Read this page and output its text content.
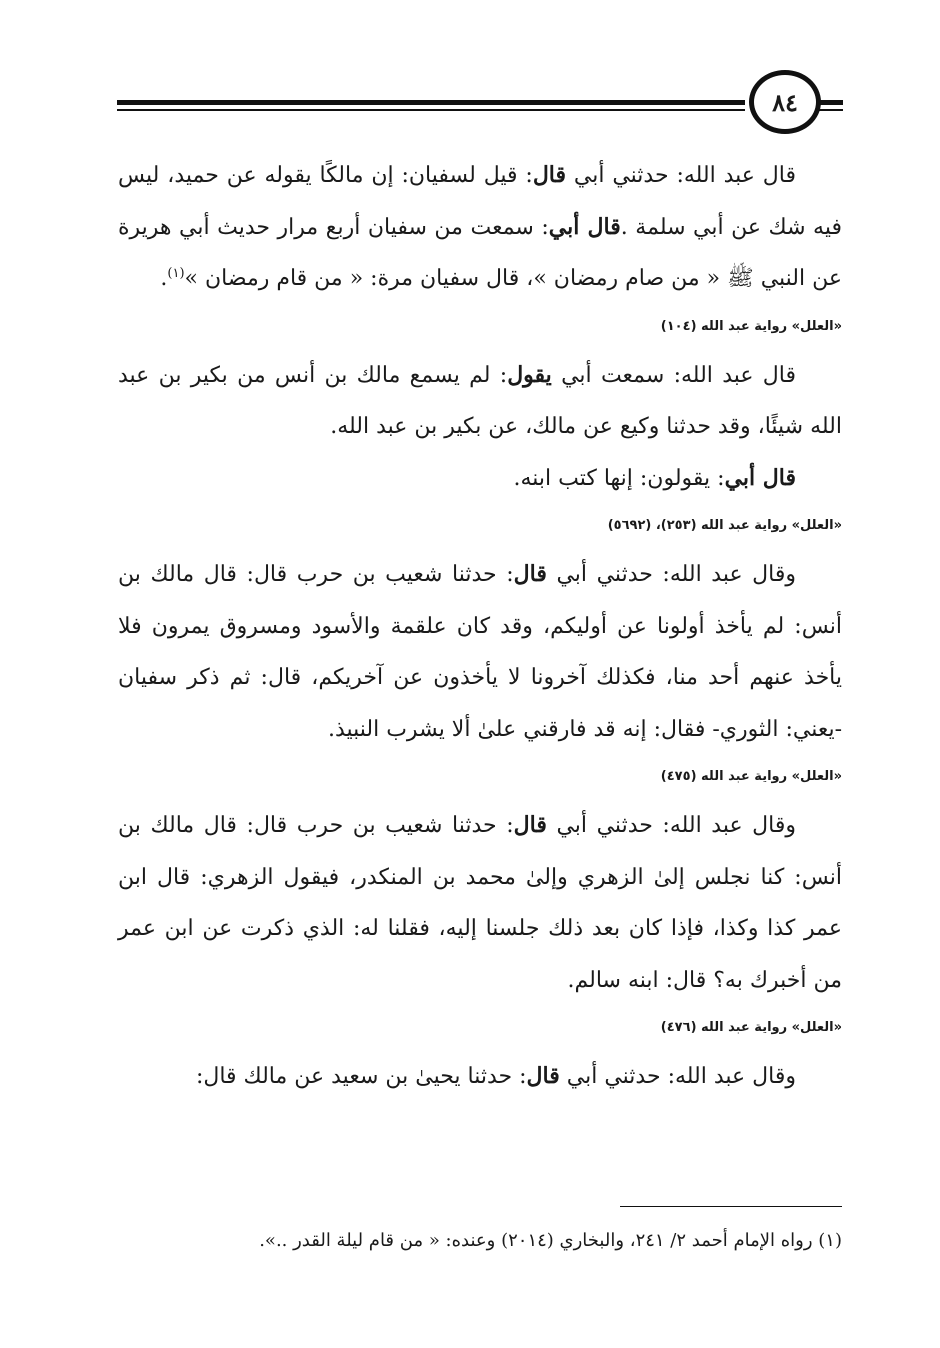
٨٤

قال عبد الله: حدثني أبي قال: قيل لسفيان: إن مالكًا يقوله عن حميد، ليس فيه شك عن أبي سلمة .قال أبي: سمعت من سفيان أربع مرار حديث أبي هريرة عن النبي ﷺ « من صام رمضان »، قال سفيان مرة: « من قام رمضان »$^{(١)}$.

«العلل» رواية عبد الله (١٠٤)

قال عبد الله: سمعت أبي يقول: لم يسمع مالك بن أنس من بكير بن عبد الله شيئًا، وقد حدثنا وكيع عن مالك، عن بكير بن عبد الله.

قال أبي: يقولون: إنها كتب ابنه.

«العلل» رواية عبد الله (٢٥٣)، (٥٦٩٢)

وقال عبد الله: حدثني أبي قال: حدثنا شعيب بن حرب قال: قال مالك بن أنس: لم يأخذ أولونا عن أوليكم، وقد كان علقمة والأسود ومسروق يمرون فلا يأخذ عنهم أحد منا، فكذلك آخرونا لا يأخذون عن آخريكم، قال: ثم ذكر سفيان -يعني: الثوري- فقال: إنه قد فارقني علىٰ ألا يشرب النبيذ.

«العلل» رواية عبد الله (٤٧٥)

وقال عبد الله: حدثني أبي قال: حدثنا شعيب بن حرب قال: قال مالك بن أنس: كنا نجلس إلىٰ الزهري وإلىٰ محمد بن المنكدر، فيقول الزهري: قال ابن عمر كذا وكذا، فإذا كان بعد ذلك جلسنا إليه، فقلنا له: الذي ذكرت عن ابن عمر من أخبرك به؟ قال: ابنه سالم.

«العلل» رواية عبد الله (٤٧٦)

وقال عبد الله: حدثني أبي قال: حدثنا يحيىٰ بن سعيد عن مالك قال:

(١) رواه الإمام أحمد ٢/ ٢٤١، والبخاري (٢٠١٤) وعنده: « من قام ليلة القدر ..».
